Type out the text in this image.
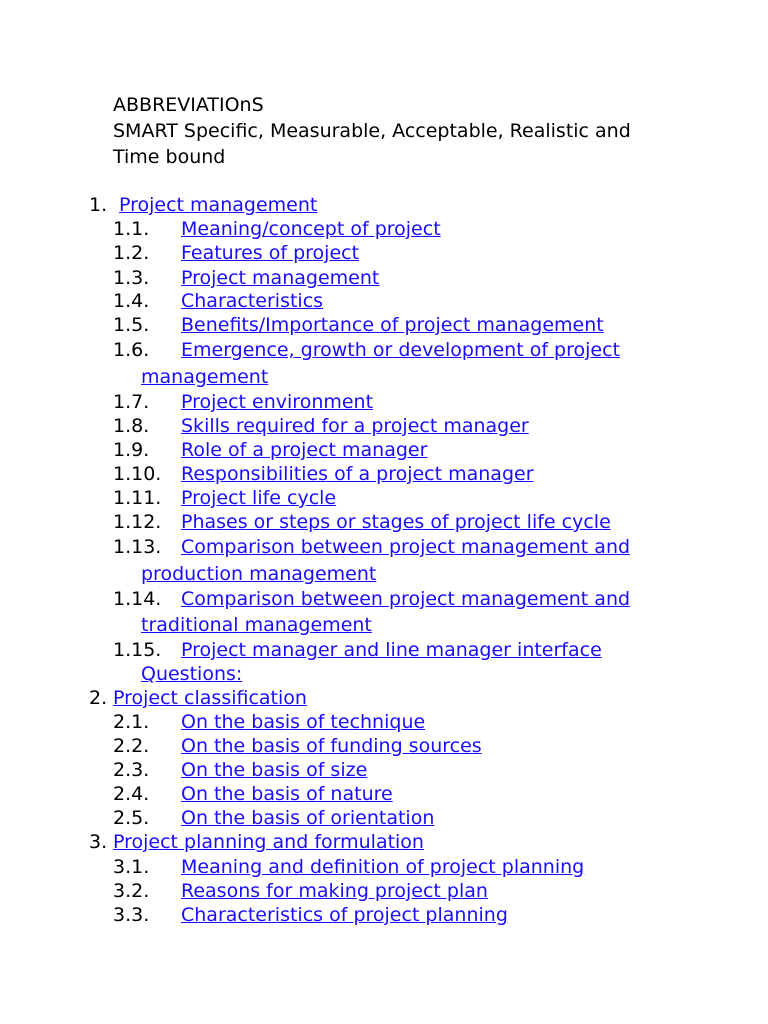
ABBREVIATIOnS
SMART Specific, Measurable, Acceptable, Realistic and
Time bound
1. Project management
1.1. Meaning/concept of project
1.2. Features of project
1.3. Project management
1.4. Characteristics
1.5. Benefits/Importance of project management
1.6. Emergence, growth or development of project
management
1.7. Project environment
1.8. Skills required for a project manager
1.9. Role of a project manager
1.10. Responsibilities of a project manager
1.11. Project life cycle
1.12. Phases or steps or stages of project life cycle
1.13. Comparison between project management and
production management
1.14. Comparison between project management and
traditional management
1.15. Project manager and line manager interface
Questions:
2. Project classification
2.1. On the basis of technique
2.2. On the basis of funding sources
2.3. On the basis of size
2.4. On the basis of nature
2.5. On the basis of orientation
3. Project planning and formulation
3.1. Meaning and definition of project planning
3.2. Reasons for making project plan
3.3. Characteristics of project planning
